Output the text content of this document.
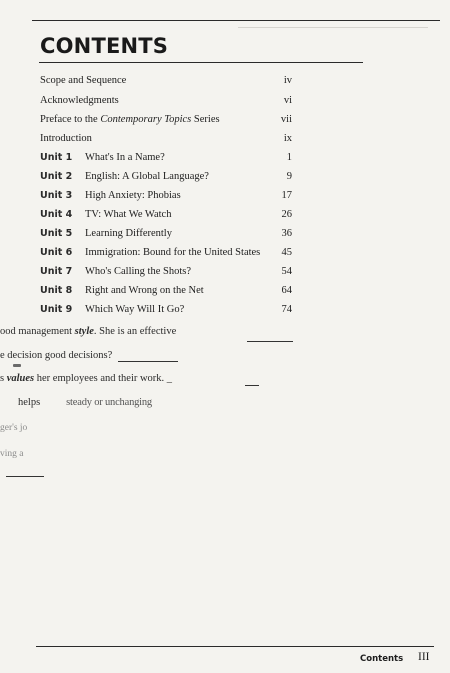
CONTENTS
Scope and Sequence	iv
Acknowledgments	vi
Preface to the Contemporary Topics Series	vii
Introduction	ix
Unit 1 What's In a Name?	1
Unit 2 English: A Global Language?	9
Unit 3 High Anxiety: Phobias	17
Unit 4 TV: What We Watch	26
Unit 5 Learning Differently	36
Unit 6 Immigration: Bound for the United States 45
Unit 7 Who's Calling the Shots?	54
Unit 8 Right and Wrong on the Net	64
Unit 9 Which Way Will It Go?	74
ood management style. She is an effective
e decision good decisions?
s values her employees and their work. _
helps steady or unchanging
ger's jo
ving a
Contents III
